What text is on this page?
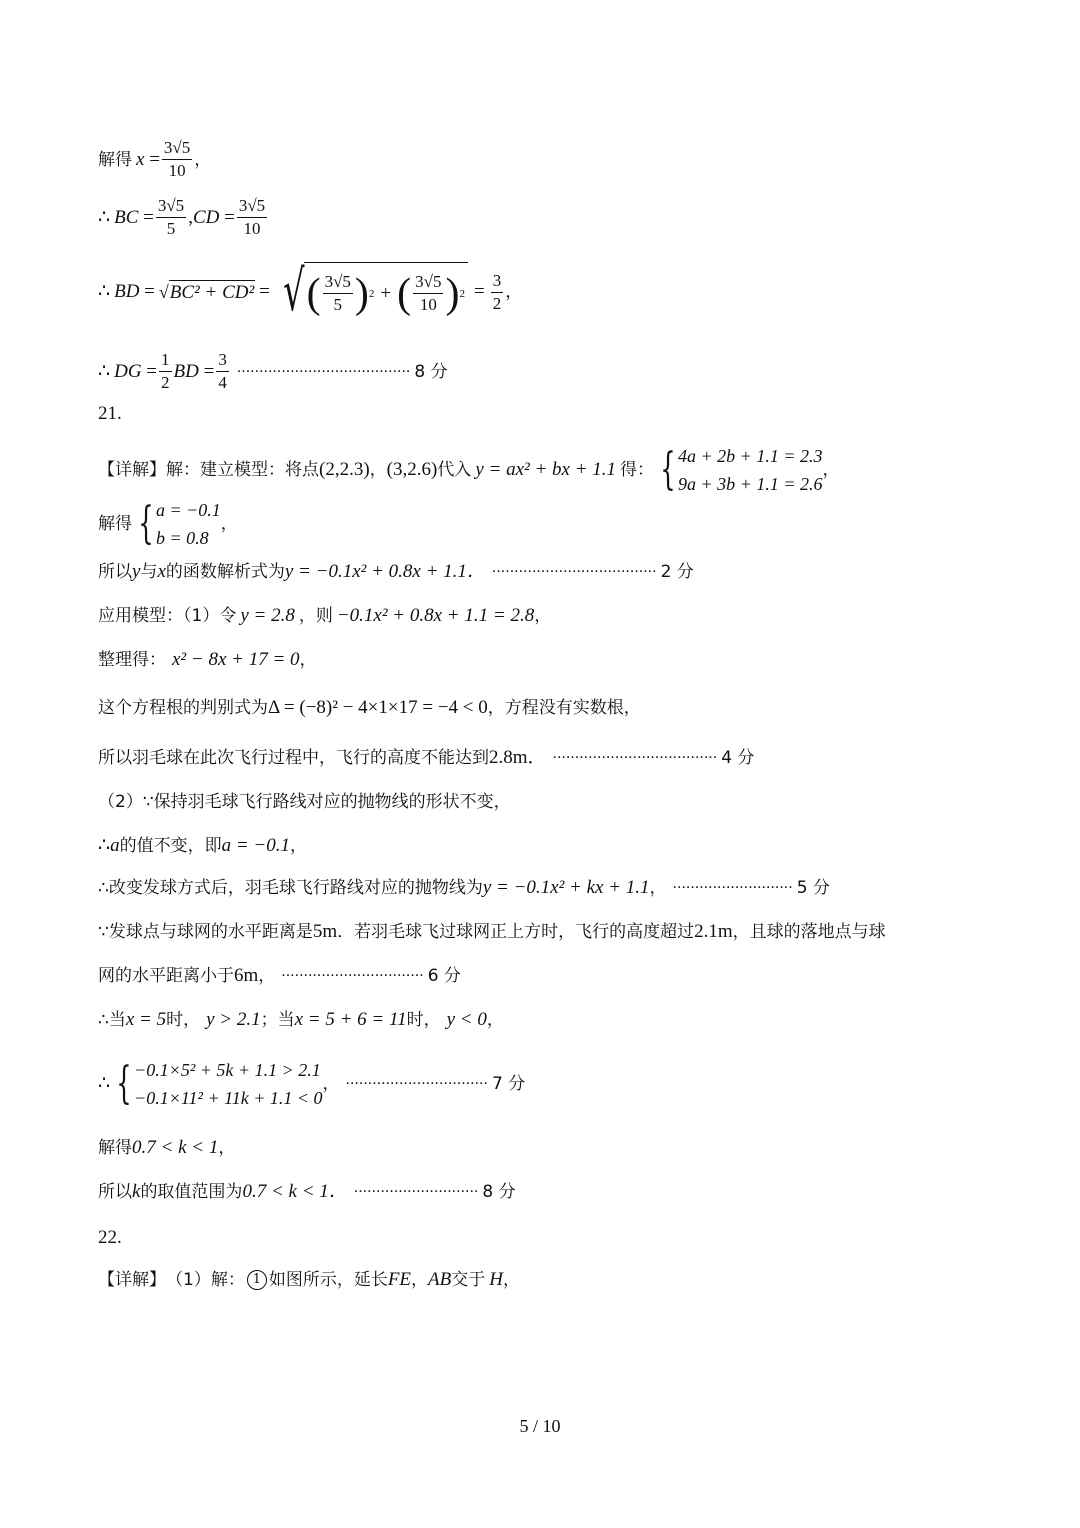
解得 $x = \frac{3√5}{10}$ ，
∴ BC = $\frac{3√5}{5} ,CD = \frac{3√5}{10}$
∴ BD = √ BC² + CD² = √ ( $\frac{3√5}{5}$ ) 2 + ( $\frac{3√5}{10}$ ) $2 = \frac{3}{2}$ ，
∴ DG = $\frac{1}{2}$ BD = $\frac{3}{4}$ ······································· 8 分
21.
【详解】 解：建立模型：将点 (2,2.3) ， (3,2.6) 代入 y = ax² + bx + 1.1 得： { 4a + 2b + 1.1 = 2.3
9a + 3b + 1.1 = 2.6
，
解得 { a = −0.1
b = 0.8
，
所以 y 与 x 的函数解析式为 y = −0.1x² + 0.8x + 1.1． ····································· 2 分
应用模型：（1）令 y = 2.8 ，则 −0.1x² + 0.8x + 1.1 = 2.8 ，
整理得： x² − 8x + 17 = 0 ，
这个方程根的判别式为 Δ = (−8)² − 4×1×17 = −4 < 0 ，方程没有实数根，
所以羽毛球在此次飞行过程中，飞行的高度不能达到 2.8m． ····································· 4 分
（2）∵保持羽毛球飞行路线对应的抛物线的形状不变，
∴ a 的值不变，即 a = −0.1 ，
∴改变发球方式后，羽毛球飞行路线对应的抛物线为 y = −0.1x² + kx + 1.1 ， ··························· 5 分
∵发球点与球网的水平距离是 5m ．若羽毛球飞过球网正上方时，飞行的高度超过 2.1m ，且球的落地点与球
网的水平距离小于 6m ， ································ 6 分
∴当 x = 5 时， y > 2.1 ；当 x = 5 + 6 = 11 时， y < 0 ，
∴ { −0.1×5² + 5k + 1.1 > 2.1
−0.1×11² + 11k + 1.1 < 0
， ································ 7 分
解得 0.7 < k < 1 ，
所以 k 的取值范围为 0.7 < k < 1． ···························· 8 分
22.
【详解】 （1）解： 1 如图所示，延长 FE ， AB 交于 H ，
5 / 10
